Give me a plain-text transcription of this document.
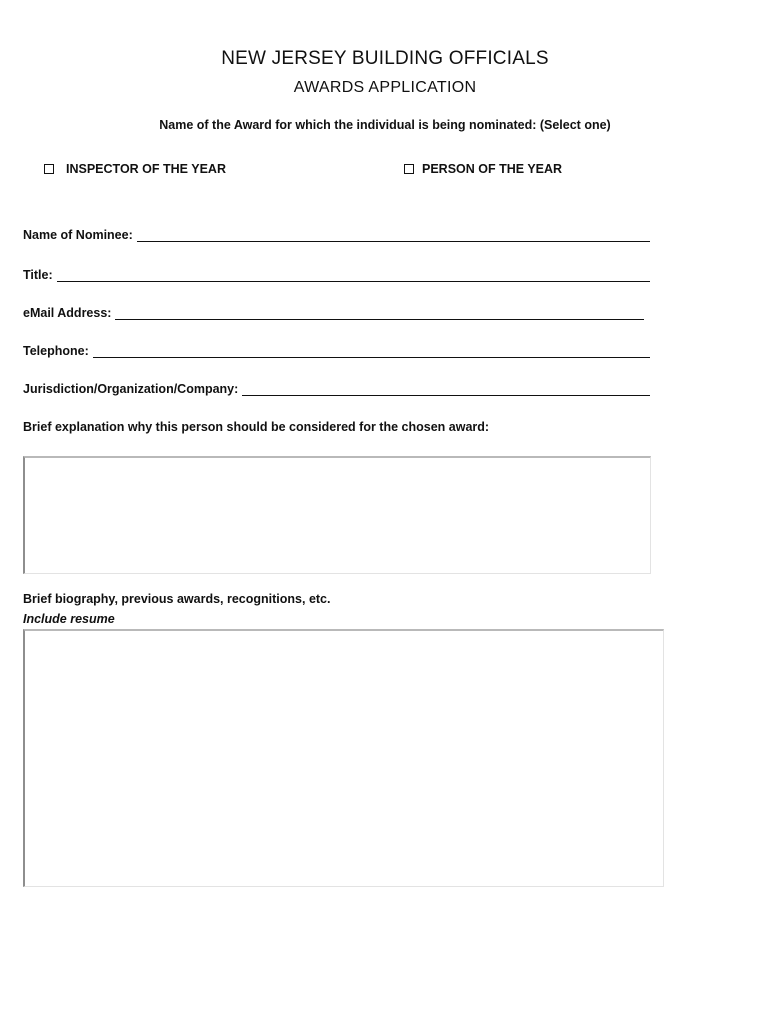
NEW JERSEY BUILDING OFFICIALS
AWARDS APPLICATION
Name of the Award for which the individual is being nominated: (Select one)
INSPECTOR OF THE YEAR	PERSON OF THE YEAR
Name of Nominee:
Title:
eMail Address:
Telephone:
Jurisdiction/Organization/Company:
Brief explanation why this person should be considered for the chosen award:
Brief biography, previous awards, recognitions, etc.
Include resume
